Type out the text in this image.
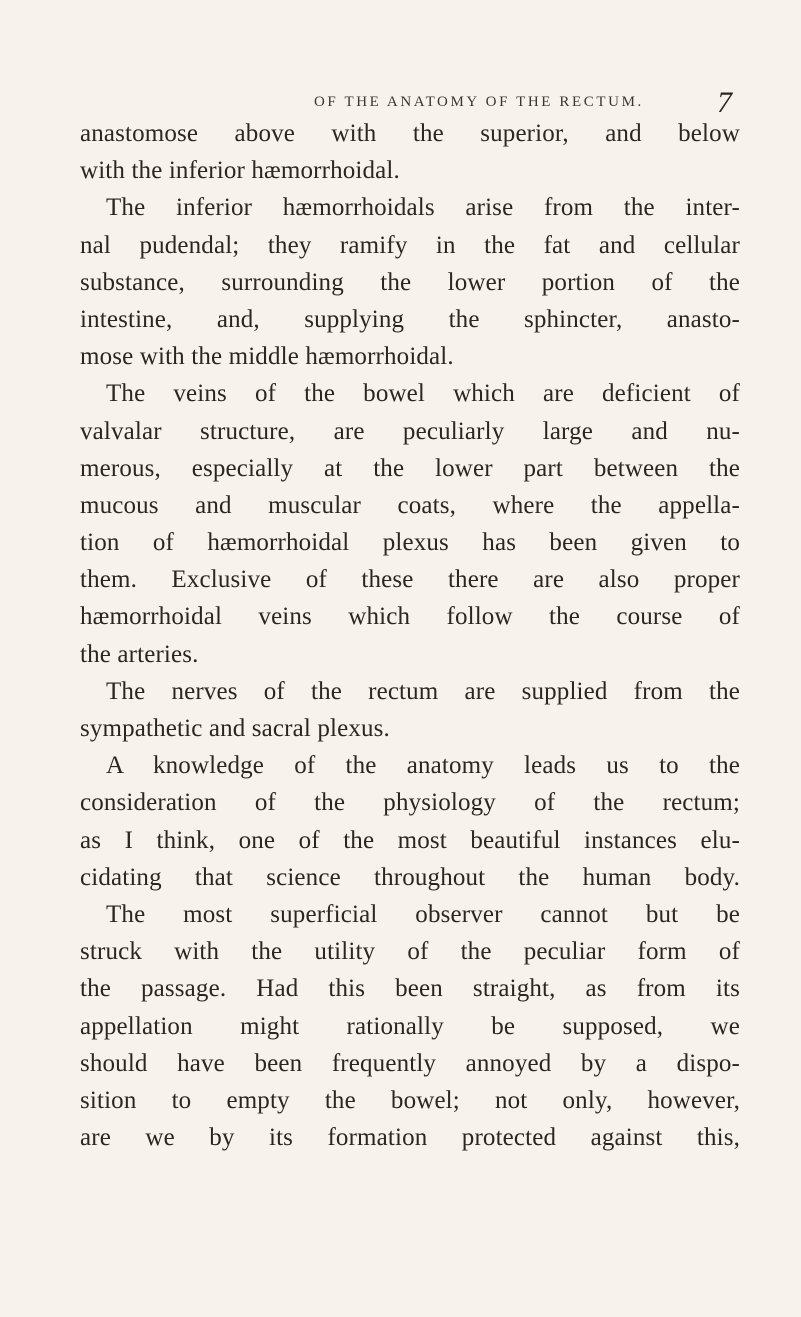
OF THE ANATOMY OF THE RECTUM. 7
anastomose above with the superior, and below
with the inferior hæmorrhoidal.
The inferior hæmorrhoidals arise from the inter-
nal pudendal; they ramify in the fat and cellular
substance, surrounding the lower portion of the
intestine, and, supplying the sphincter, anasto-
mose with the middle hæmorrhoidal.
The veins of the bowel which are deficient of
valvalar structure, are peculiarly large and nu-
merous, especially at the lower part between the
mucous and muscular coats, where the appella-
tion of hæmorrhoidal plexus has been given to
them. Exclusive of these there are also proper
hæmorrhoidal veins which follow the course of
the arteries.
The nerves of the rectum are supplied from the
sympathetic and sacral plexus.
A knowledge of the anatomy leads us to the
consideration of the physiology of the rectum;
as I think, one of the most beautiful instances elu-
cidating that science throughout the human body.
The most superficial observer cannot but be
struck with the utility of the peculiar form of
the passage. Had this been straight, as from its
appellation might rationally be supposed, we
should have been frequently annoyed by a dispo-
sition to empty the bowel; not only, however,
are we by its formation protected against this,
